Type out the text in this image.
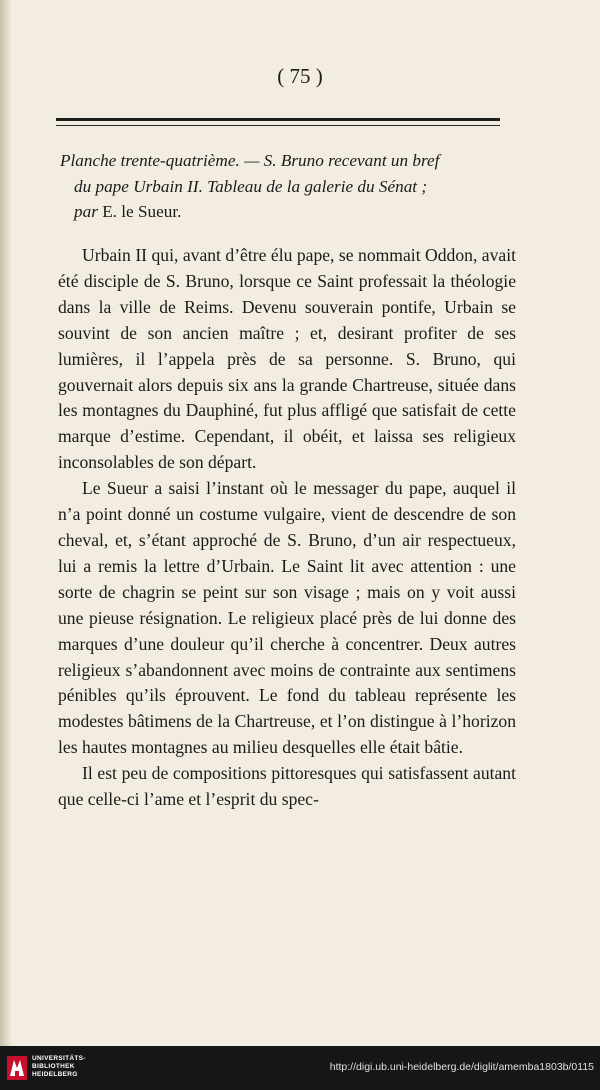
( 75 )

Planche trente-quatrième. — S. Bruno recevant un bref
du pape Urbain II. Tableau de la galerie du Sénat ;
par E. le Sueur.

Urbain II qui, avant d’être élu pape, se nommait Oddon, avait été disciple de S. Bruno, lorsque ce Saint professait la théologie dans la ville de Reims. Devenu souverain pontife, Urbain se souvint de son ancien maître ; et, desirant profiter de ses lumières, il l’appela près de sa personne. S. Bruno, qui gouvernait alors depuis six ans la grande Chartreuse, située dans les montagnes du Dauphiné, fut plus affligé que satisfait de cette marque d’estime. Cependant, il obéit, et laissa ses religieux inconsolables de son départ.

Le Sueur a saisi l’instant où le messager du pape, auquel il n’a point donné un costume vulgaire, vient de descendre de son cheval, et, s’étant approché de S. Bruno, d’un air respectueux, lui a remis la lettre d’Urbain. Le Saint lit avec attention : une sorte de chagrin se peint sur son visage ; mais on y voit aussi une pieuse résignation. Le religieux placé près de lui donne des marques d’une douleur qu’il cherche à concentrer. Deux autres religieux s’abandonnent avec moins de contrainte aux sentimens pénibles qu’ils éprouvent. Le fond du tableau représente les modestes bâtimens de la Chartreuse, et l’on distingue à l’horizon les hautes montagnes au milieu desquelles elle était bâtie.

Il est peu de compositions pittoresques qui satisfassent autant que celle-ci l’ame et l’esprit du spec-

UNIVERSITÄTS-
BIBLIOTHEK
HEIDELBERG
http://digi.ub.uni-heidelberg.de/diglit/amemba1803b/0115
